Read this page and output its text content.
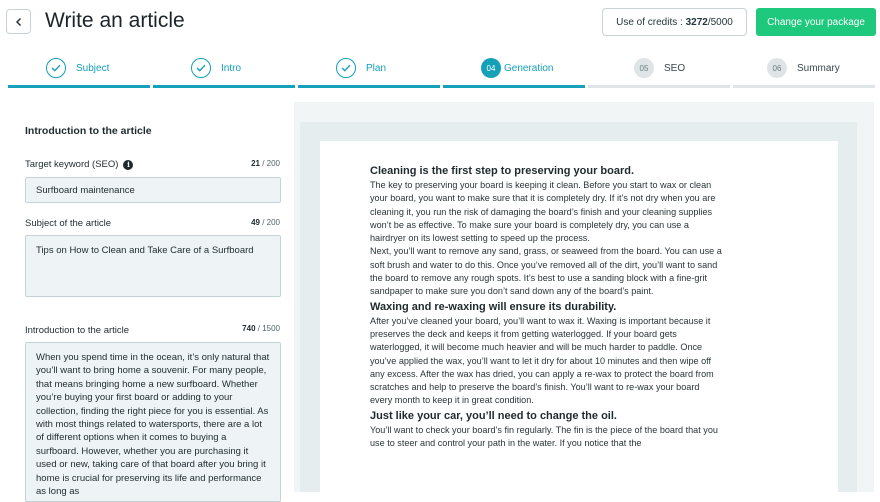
Write an article	Use of credits :
3272 /5000	Change your package
Subject	Intro	Plan	04 Generation	05	SEO	06	Summary
Introduction to the article
Target keyword (SEO)	i	21 / 200
Surfboard maintenance
Subject of the article	49 / 200
Tips on How to Clean and Take Care of a Surfboard
Introduction to the article	740 / 1500
When you spend time in the ocean, it’s only natural that you’ll want to bring home a souvenir. For many people, that means bringing home a new surfboard. Whether you’re buying your first board or adding to your collection, finding the right piece for you is essential. As with most things related to watersports, there are a lot of different options when it comes to buying a surfboard. However, whether you are purchasing it used or new, taking care of that board after you bring it home is crucial for preserving its life and performance as long as
Cleaning is the first step to preserving your board.

The key to preserving your board is keeping it clean. Before you start to wax or clean your board, you want to make sure that it is completely dry. If it’s not dry when you are cleaning it, you run the risk of damaging the board’s finish and your cleaning supplies won’t be as effective. To make sure your board is completely dry, you can use a hairdryer on its lowest setting to speed up the process.

Next, you’ll want to remove any sand, grass, or seaweed from the board. You can use a soft brush and water to do this. Once you’ve removed all of the dirt, you’ll want to sand the board to remove any rough spots. It’s best to use a sanding block with a fine-grit sandpaper to make sure you don’t sand down any of the board’s paint.

Waxing and re-waxing will ensure its durability.

After you’ve cleaned your board, you’ll want to wax it. Waxing is important because it preserves the deck and keeps it from getting waterlogged. If your board gets waterlogged, it will become much heavier and will be much harder to paddle. Once you’ve applied the wax, you’ll want to let it dry for about 10 minutes and then wipe off any excess. After the wax has dried, you can apply a re-wax to protect the board from scratches and help to preserve the board’s finish. You’ll want to re-wax your board every month to keep it in great condition.

Just like your car, you’ll need to change the oil.

You’ll want to check your board’s fin regularly. The fin is the piece of the board that you use to steer and control your path in the water. If you notice that the
